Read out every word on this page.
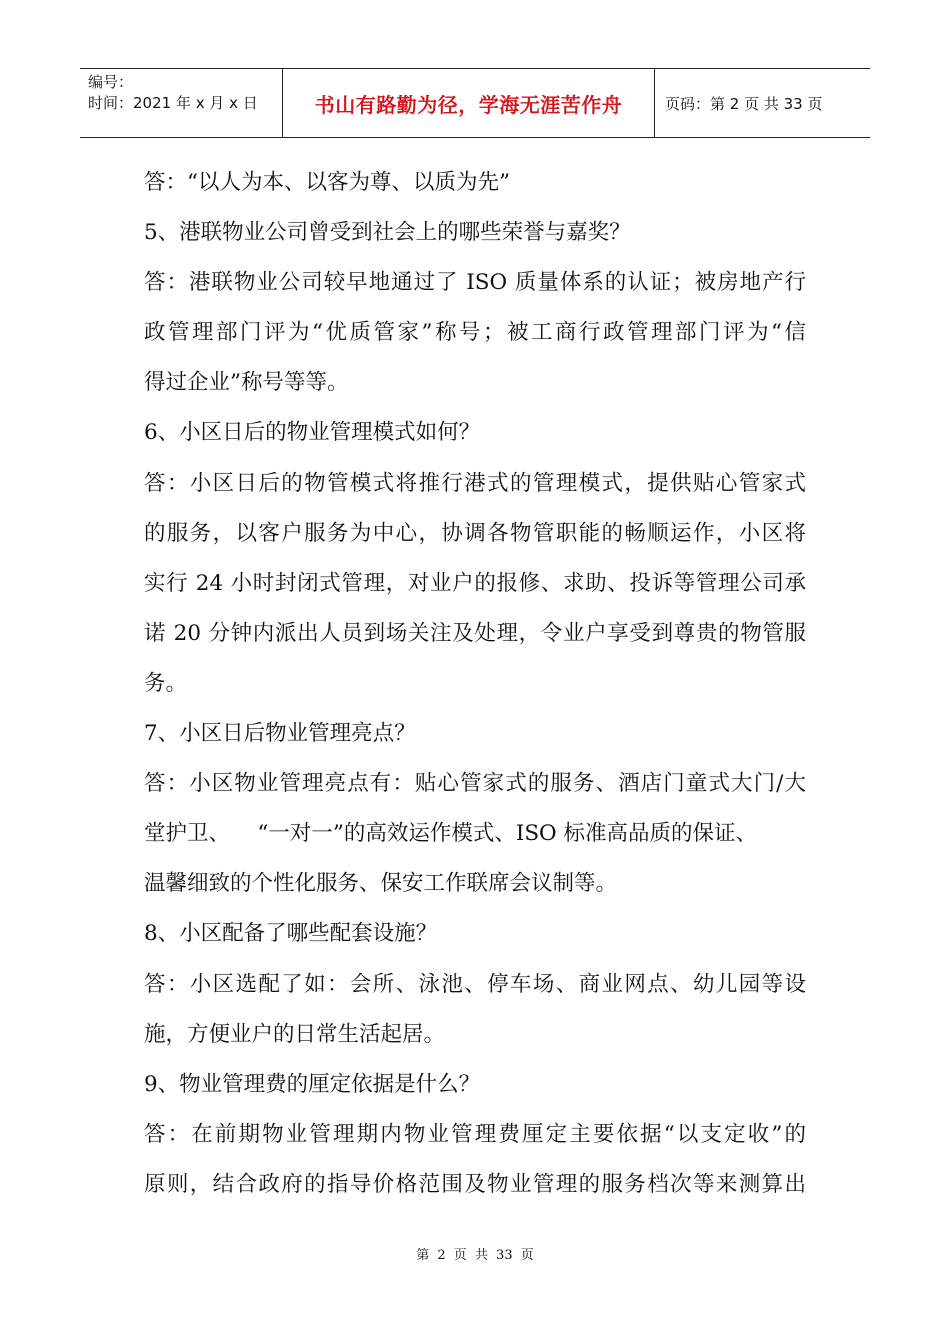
编号：
时间：2021 年 x 月 x 日	书山有路勤为径，学海无涯苦作舟	页码：第 2 页 共 33 页
答：“以人为本、以客为尊、以质为先”
5、港联物业公司曾受到社会上的哪些荣誉与嘉奖？
答：港联物业公司较早地通过了 ISO 质量体系的认证；被房地产行
政管理部门评为“优质管家”称号；被工商行政管理部门评为“信
得过企业”称号等等。
6、小区日后的物业管理模式如何？
答：小区日后的物管模式将推行港式的管理模式，提供贴心管家式
的服务，以客户服务为中心，协调各物管职能的畅顺运作，小区将
实行 24 小时封闭式管理，对业户的报修、求助、投诉等管理公司承
诺 20 分钟内派出人员到场关注及处理，令业户享受到尊贵的物管服
务。
7、小区日后物业管理亮点？
答：小区物业管理亮点有：贴心管家式的服务、酒店门童式大门/大
堂护卫、    “一对一”的高效运作模式、ISO 标准高品质的保证、
温馨细致的个性化服务、保安工作联席会议制等。
8、小区配备了哪些配套设施？
答：小区选配了如：会所、泳池、停车场、商业网点、幼儿园等设
施，方便业户的日常生活起居。
9、物业管理费的厘定依据是什么？
答：在前期物业管理期内物业管理费厘定主要依据“以支定收”的
原则，结合政府的指导价格范围及物业管理的服务档次等来测算出
第 2 页 共 33 页
